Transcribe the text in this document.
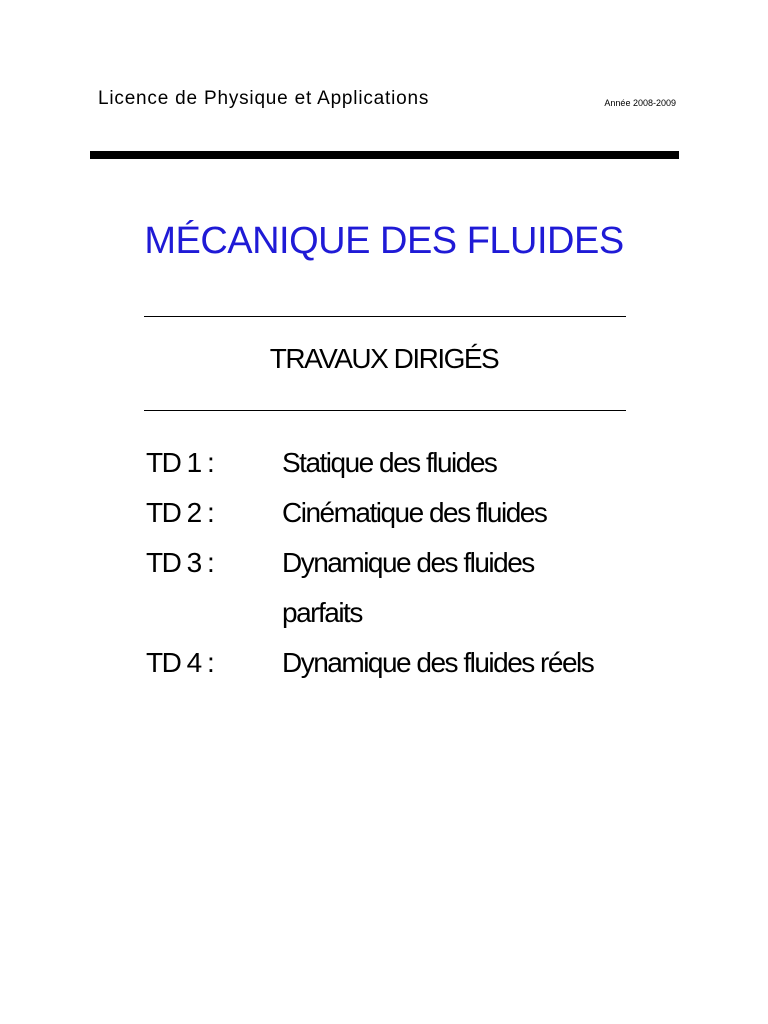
Licence de Physique et Applications	Année 2008-2009
MÉCANIQUE DES FLUIDES
TRAVAUX DIRIGÉS
TD 1 :	Statique des fluides
TD 2 :	Cinématique des fluides
TD 3 :	Dynamique des fluides
parfaits
TD 4 :	Dynamique des fluides réels
